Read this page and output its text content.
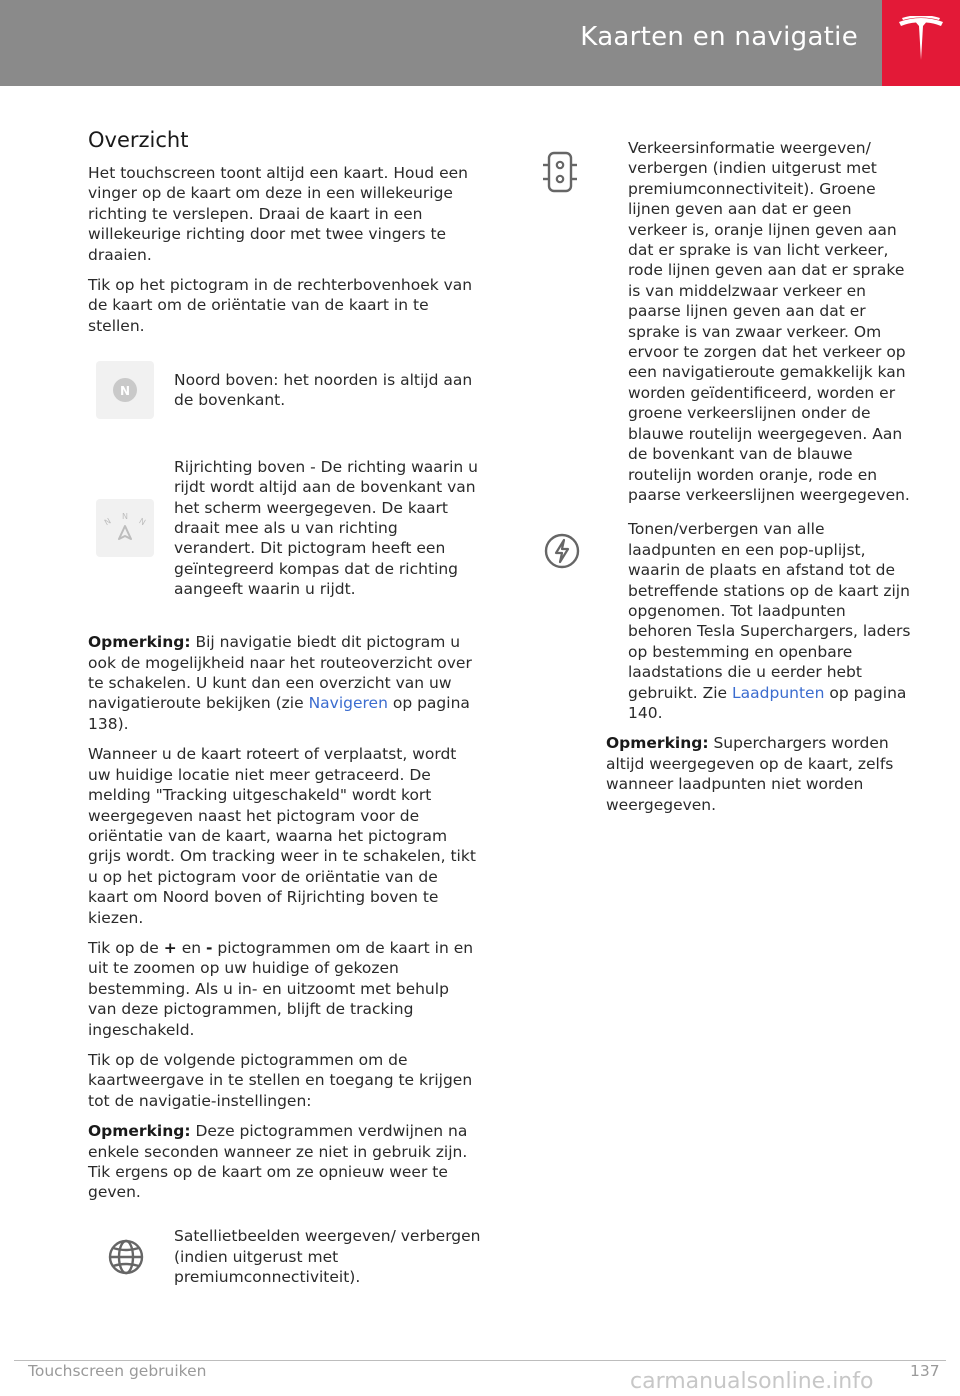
Kaarten en navigatie
Overzicht

Het touchscreen toont altijd een kaart. Houd een vinger op de kaart om deze in een willekeurige richting te verslepen. Draai de kaart in een willekeurige richting door met twee vingers te draaien.

Tik op het pictogram in de rechterbovenhoek van de kaart om de oriëntatie van de kaart in te stellen.

N

Noord boven: het noorden is altijd aan de bovenkant.

N N N

Rijrichting boven - De richting waarin u rijdt wordt altijd aan de bovenkant van het scherm weergegeven. De kaart draait mee als u van richting verandert. Dit pictogram heeft een geïntegreerd kompas dat de richting aangeeft waarin u rijdt.

Opmerking: Bij navigatie biedt dit pictogram u ook de mogelijkheid naar het routeoverzicht over te schakelen. U kunt dan een overzicht van uw navigatieroute bekijken (zie Navigeren op pagina 138).

Wanneer u de kaart roteert of verplaatst, wordt uw huidige locatie niet meer getraceerd. De melding "Tracking uitgeschakeld" wordt kort weergegeven naast het pictogram voor de oriëntatie van de kaart, waarna het pictogram grijs wordt. Om tracking weer in te schakelen, tikt u op het pictogram voor de oriëntatie van de kaart om Noord boven of Rijrichting boven te kiezen.

Tik op de + en - pictogrammen om de kaart in en uit te zoomen op uw huidige of gekozen bestemming. Als u in- en uitzoomt met behulp van deze pictogrammen, blijft de tracking ingeschakeld.

Tik op de volgende pictogrammen om de kaartweergave in te stellen en toegang te krijgen tot de navigatie-instellingen:

Opmerking: Deze pictogrammen verdwijnen na enkele seconden wanneer ze niet in gebruik zijn. Tik ergens op de kaart om ze opnieuw weer te geven.

Satellietbeelden weergeven/ verbergen (indien uitgerust met premiumconnectiviteit).

Verkeersinformatie weergeven/ verbergen (indien uitgerust met premiumconnectiviteit). Groene lijnen geven aan dat er geen verkeer is, oranje lijnen geven aan dat er sprake is van licht verkeer, rode lijnen geven aan dat er sprake is van middelzwaar verkeer en paarse lijnen geven aan dat er sprake is van zwaar verkeer. Om ervoor te zorgen dat het verkeer op een navigatieroute gemakkelijk kan worden geïdentificeerd, worden er groene verkeerslijnen onder de blauwe routelijn weergegeven. Aan de bovenkant van de blauwe routelijn worden oranje, rode en paarse verkeerslijnen weergegeven.

Tonen/verbergen van alle laadpunten en een pop-uplijst, waarin de plaats en afstand tot de betreffende stations op de kaart zijn opgenomen. Tot laadpunten behoren Tesla Superchargers, laders op bestemming en openbare laadstations die u eerder hebt gebruikt. Zie Laadpunten op pagina 140.

Opmerking: Superchargers worden altijd weergegeven op de kaart, zelfs wanneer laadpunten niet worden weergegeven.

Touchscreen gebruiken	137
carmanualsonline.info
